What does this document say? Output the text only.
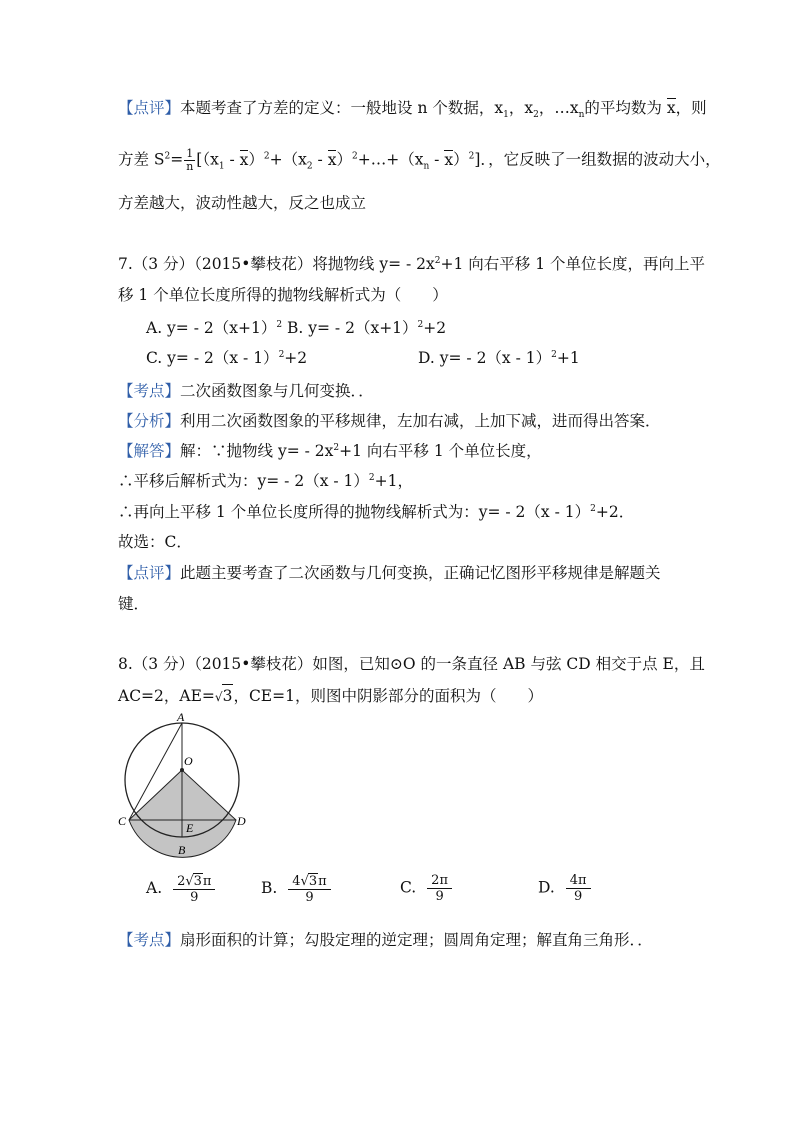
【点评】本题考查了方差的定义：一般地设 n 个数据，$x_1$，$x_2$，$\dots x_n$的平均数为 x，则
方差 $S^2= \frac{1}{n} [(x_1 - x)^2+(x_2$ - $x)^2+\dots+(x_n - x)^2$]．，它反映了一组数据的波动大小，
方差越大，波动性越大，反之也成立
7.（3 分）（2015•攀枝花）将抛物线 $y= - 2x^2+1$ 向右平移 1 个单位长度，再向上平
移 1 个单位长度所得的抛物线解析式为（　　）
A. $y= - 2(x+1)^2$ B. $y= - 2(x+1)^2+2$
C. y= - 2（x - 1）$^2$+2	D. y= - 2（x - 1）$^2$+1
【考点】二次函数图象与几何变换．．
【分析】利用二次函数图象的平移规律，左加右减，上加下减，进而得出答案．
【解答】解：∵抛物线 $y= - 2x^2+1$ 向右平移 1 个单位长度，
∴平移后解析式为：y= - 2（x - 1）$^2$+1，
∴再向上平移 1 个单位长度所得的抛物线解析式为：y= - 2（x - 1）$^2$+2．
故选：C．
【点评】此题主要考查了二次函数与几何变换，正确记忆图形平移规律是解题关
键．
8.（3 分）（2015•攀枝花）如图，已知⊙O 的一条直径 AB 与弦 CD 相交于点 E，且
AC=2，AE=√3，CE=1，则图中阴影部分的面积为（　　）
A
O
C	E	D
B
A. $\frac{2√3\pi}{9}$	B. $\frac{4√3\pi}{9}$	C. $\frac{2\pi}{9}$	D. $\frac{4\pi}{9}$
【考点】扇形面积的计算；勾股定理的逆定理；圆周角定理；解直角三角形．．
